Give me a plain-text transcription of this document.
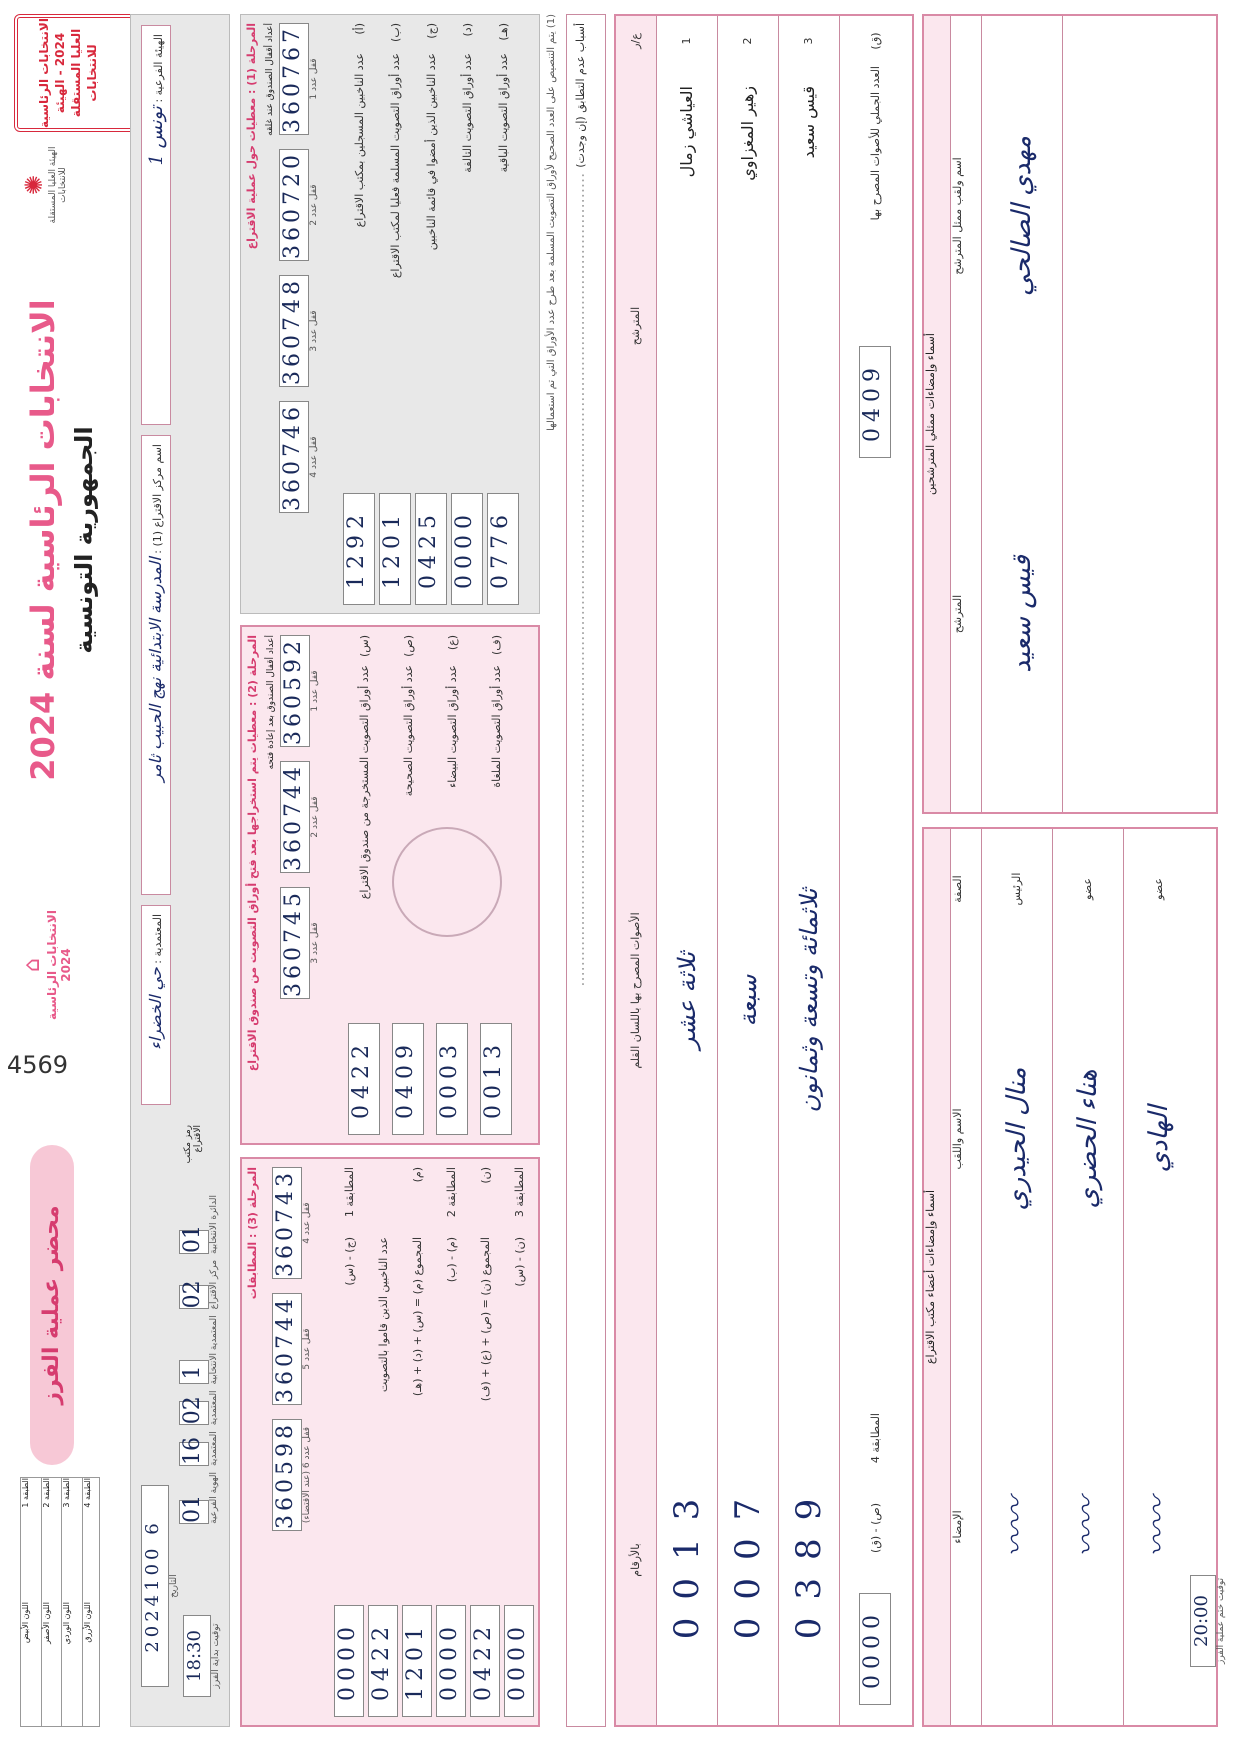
الانتخابات الرئاسية 2024 - الهيئة العليا المستقلة للانتخابات
✺ الهيئة العليا المستقلة للانتخابات
الانتخابات الرئاسية لسنة 2024 الجمهورية التونسية
⌂ الانتخابات الرئاسية 2024
4569
محضر عملية الفرز
الطبقة 1
اللون الأبيض
الطبقة 2
اللون الأصفر
الطبقة 3
اللون الوردي
الطبقة 4
اللون الأزرق
الهيئة الفرعية : تونس 1
اسم مركز الاقتراع (1) : المدرسة الابتدائية نهج الحبيب ثامر
المعتمدية : حي الخضراء
رمز مكتب الاقتراع
01 الدائرة الانتخابية
02 مركز الاقتراع
1 المعتمدية الانتخابية
02 المعتمدية
16 المعتمدية
01 الهوية الفرعية
2024100 6 التاريخ
18:30 توقيت بداية الفرز
المرحلة (1) : معطيات حول عملية الاقتراع أعداد أقفال الصندوق عند غلقه 360767 قفل عدد 1
360720 قفل عدد 2
360748 قفل عدد 3
360746 قفل عدد 4
(أ)
عدد الناخبين المسجلين بمكتب الاقتراع
1292
(ب)
عدد أوراق التصويت المسلمة فعليا لمكتب الاقتراع
1201
(ج)
عدد الناخبين الذين أمضوا في قائمة الناخبين
0425
(د)
عدد أوراق التصويت التالفة
0000
(هـ)
عدد أوراق التصويت الباقية
0776
المرحلة (2) : معطيات يتم استخراجها بعد فتح أوراق التصويت من صندوق الاقتراع أعداد أقفال الصندوق بعد إعادة فتحه 360592 قفل عدد 1
360744 قفل عدد 2
360745 قفل عدد 3
(س)
عدد أوراق التصويت المستخرجة من صندوق الاقتراع
0422
(ص)
عدد أوراق التصويت الصحيحة
0409
(ع)
عدد أوراق التصويت البيضاء
0003
(ف)
عدد أوراق التصويت الملغاة
0013
المرحلة (3) : المطابقات 360743 قفل عدد 4
360744 قفل عدد 5
360598 قفل عدد 6 (عند الاقتضاء)
المطابقة 1
(ج) - (س)
0000
عدد الناخبين الذين قاموا بالتصويت
0422
(م)
المجموع (م) = (س) + (د) + (هـ)
1201
المطابقة 2
(م) - (ب)
0000
(ن)
المجموع (ن) = (ص) + (ع) + (ف)
0422
المطابقة 3
(ن) - (س)
0000
(1) يتم التنصيص على العدد الصحيح لأوراق التصويت المسلمة بعد طرح عدد الأوراق التي تم استعمالها
أسباب عدم التطابق (إن وجدت) ................................................................................................................................................................
ع/ر
المترشح
الأصوات المصرح بها باللسان القلم
بالأرقام
1
العياشي زمال
ثلاثة عشر
0013
2
زهير المغزاوي
سبعة
0007
3
قيس سعيد
ثلاثمائة وتسعة وثمانون
0389
(ق)
العدد الجملي للأصوات المصرح بها
0409
المطابقة 4
(ص) - (ق)
0000
أسماء وإمضاءات ممثلي المترشحين
اسم ولقب ممثل المترشح
المترشح
مهدي الصالحي
قيس سعيد
أسماء وإمضاءات أعضاء مكتب الاقتراع
الصفة
الاسم واللقب
الإمضاء
الرئيس
منال الحيدري
〰〰
عضو
هناء الحضري
〰〰
عضو
الهادي
〰〰
20:00 توقيت ختم عملية الفرز
